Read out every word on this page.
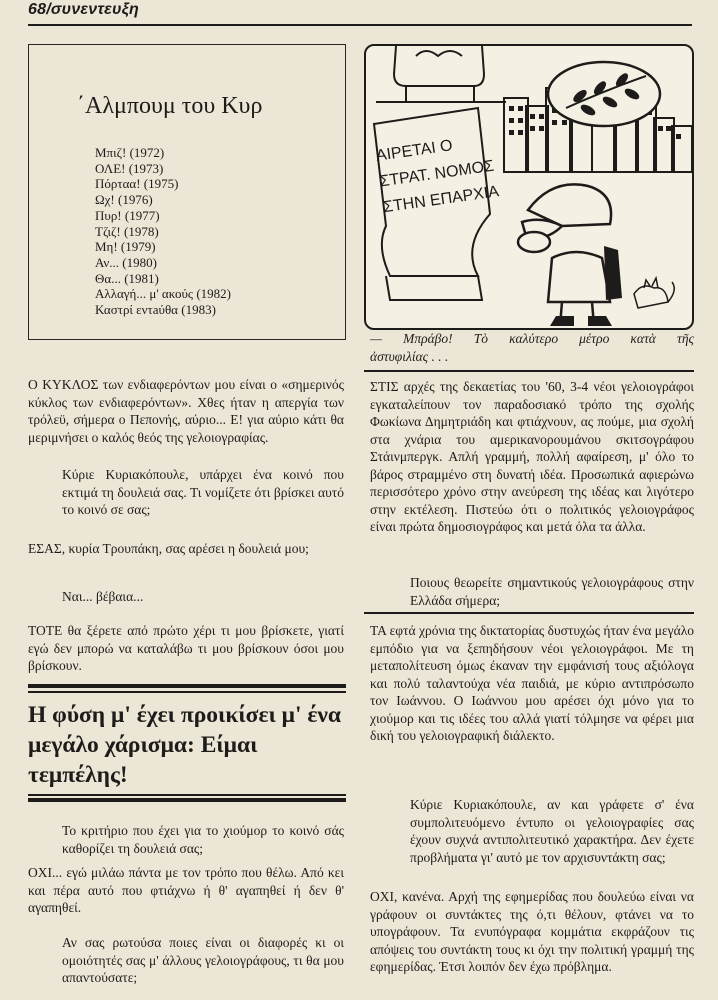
68/συνεντευξη
΄Αλμπουμ του Κυρ
Μπιζ! (1972)
ΟΛΕ! (1973)
Πόρταα! (1975)
Ωχ! (1976)
Πυρ! (1977)
Τζιζ! (1978)
Μη! (1979)
Αν... (1980)
Θα... (1981)
Αλλαγή... μ' ακούς (1982)
Καστρί εντaύθα (1983)
ΑΙΡΕΤΑΙ Ο
ΣΤΡΑΤ. ΝΟΜΟΣ
ΣΤΗΝ ΕΠΑΡΧΙΑ
— Μπράβο! Τὸ καλύτερο μέτρο κατὰ τῆς
ἀστυφιλίας . . .

Ο ΚΥΚΛΟΣ των ενδιαφερόντων μου είναι ο «σημερινός κύκλος των ενδιαφερόντων». Χθες ήταν η απεργία των τρόλεϋ, σήμερα ο Πεπονής, αύριο... Ε! για αύριο κάτι θα μεριμνήσει ο καλός θεός της γελοιογραφίας.

Κύριε Κυριακόπουλε, υπάρχει ένα κοινό που εκτιμά τη δουλειά σας. Τι νομίζετε ότι βρίσκει αυτό το κοινό σε σας;

ΕΣΑΣ, κυρία Τρουπάκη, σας αρέσει η δουλειά μου;

Ναι... βέβαια...

ΤΟΤΕ θα ξέρετε από πρώτο χέρι τι μου βρίσκετε, γιατί εγώ δεν μπορώ να καταλάβω τι μου βρίσκουν όσοι μου βρίσκουν.

Η φύση μ' έχει προικίσει μ' ένα μεγάλο χάρισμα: Είμαι τεμπέλης!

Το κριτήριο που έχει για το χιούμορ το κοινό σάς καθορίζει τη δουλειά σας;

ΟΧΙ... εγώ μιλάω πάντα με τον τρόπο που θέλω. Από κει και πέρα αυτό που φτιάχνω ή θ' αγαπηθεί ή δεν θ' αγαπηθεί.

Αν σας ρωτούσα ποιες είναι οι διαφορές κι οι ομοιότητές σας μ' άλλους γελοιογράφους, τι θα μου απαντούσατε;

ΣΤΙΣ αρχές της δεκαετίας του '60, 3-4 νέοι γελοιογράφοι εγκαταλείπουν τον παραδοσιακό τρόπο της σχολής Φωκίωνα Δημητριάδη και φτιάχνουν, ας πούμε, μια σχολή στα χνάρια του αμερικανορουμάνου σκιτσογράφου Στάινμπεργκ. Απλή γραμμή, πολλή αφαίρεση, μ' όλο το βάρος στραμμένο στη δυνατή ιδέα. Προσωπικά αφιερώνω περισσότερο χρόνο στην ανεύρεση της ιδέας και λιγότερο στην εκτέλεση. Πιστεύω ότι ο πολιτικός γελοιογράφος είναι πρώτα δημοσιογράφος και μετά όλα τα άλλα.

Ποιους θεωρείτε σημαντικούς γελοιογράφους στην Ελλάδα σήμερα;

ΤΑ εφτά χρόνια της δικτατορίας δυστυχώς ήταν ένα μεγάλο εμπόδιο για να ξεπηδήσουν νέοι γελοιογράφοι. Με τη μεταπολίτευση όμως έκαναν την εμφάνισή τους αξιόλογα και πολύ ταλαντούχα νέα παιδιά, με κύριο αντιπρόσωπο τον Ιωάννου. Ο Ιωάννου μου αρέσει όχι μόνο για το χιούμορ και τις ιδέες του αλλά γιατί τόλμησε να φέρει μια δική του γελοιογραφική διάλεκτο.

Κύριε Κυριακόπουλε, αν και γράφετε σ' ένα συμπολιτευόμενο έντυπο οι γελοιογραφίες σας έχουν συχνά αντιπολιτευτικό χαρακτήρα. Δεν έχετε προβλήματα γι' αυτό με τον αρχισυντάκτη σας;

ΟΧΙ, κανένα. Αρχή της εφημερίδας που δουλεύω είναι να γράφουν οι συντάκτες της ό,τι θέλουν, φτάνει να το υπογράφουν. Τα ενυπόγραφα κομμάτια εκφράζουν τις απόψεις του συντάκτη τους κι όχι την πολιτική γραμμή της εφημερίδας. Έτσι λοιπόν δεν έχω πρόβλημα.
